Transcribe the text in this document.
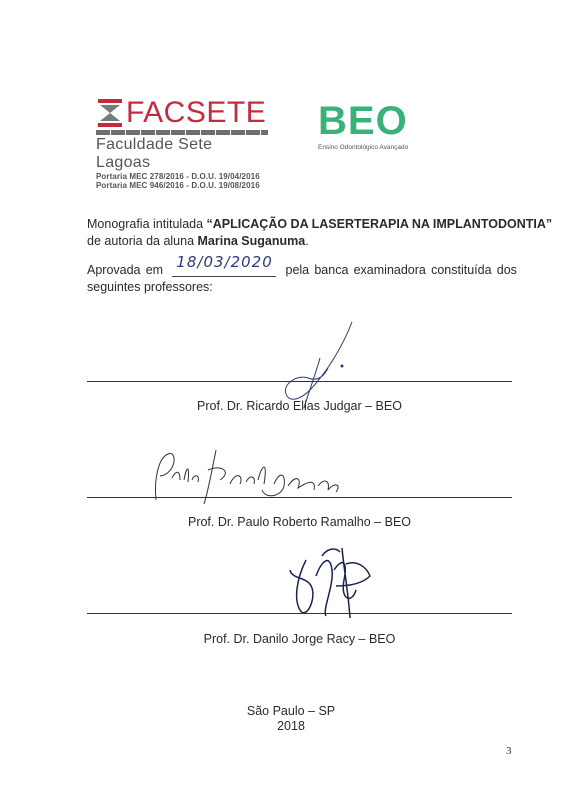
FACSETE
Faculdade Sete Lagoas
Portaria MEC 278/2016 - D.O.U. 19/04/2016
Portaria MEC 946/2016 - D.O.U. 19/08/2016
BEO
Ensino Odontológico Avançado
Monografia intitulada “APLICAÇÃO DA LASERTERAPIA NA IMPLANTODONTIA”
de autoria da aluna Marina Suganuma.
Aprovada em 18/03/2020 pela banca examinadora constituída dos
seguintes professores:
Prof. Dr. Ricardo Elias Judgar – BEO
Prof. Dr. Paulo Roberto Ramalho – BEO
Prof. Dr. Danilo Jorge Racy – BEO
São Paulo – SP
2018
3
